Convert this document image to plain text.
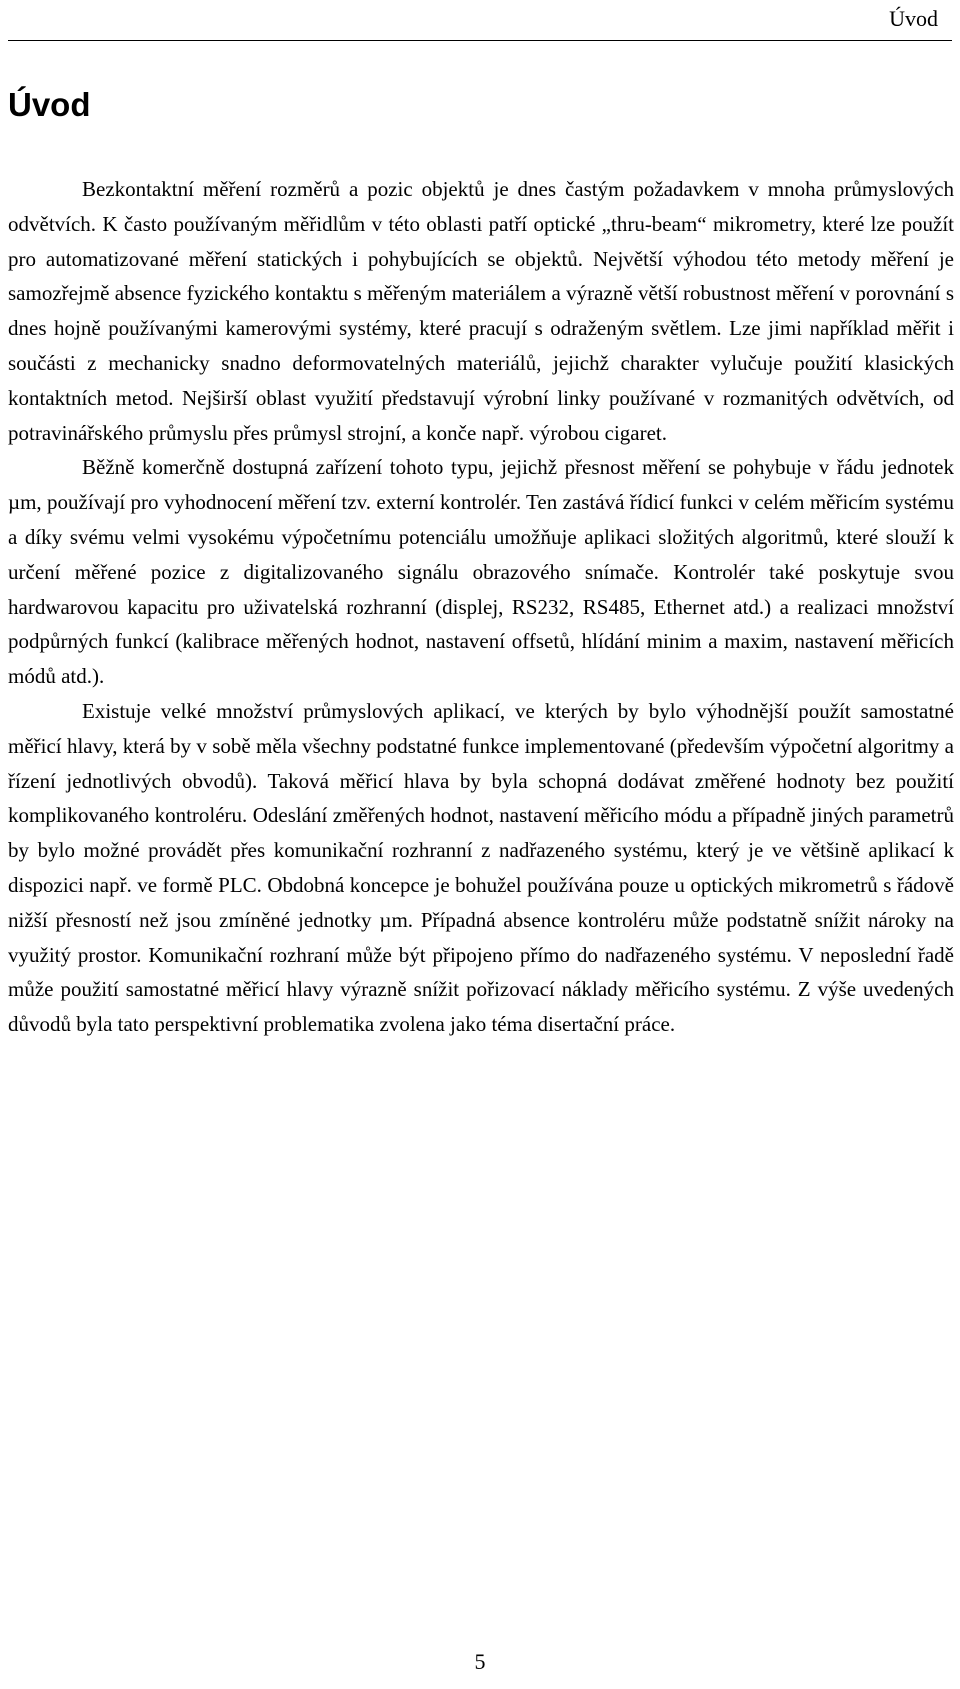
Úvod
Úvod

Bezkontaktní měření rozměrů a pozic objektů je dnes častým požadavkem v mnoha průmyslových odvětvích. K často používaným měřidlům v této oblasti patří optické „thru-beam“ mikrometry, které lze použít pro automatizované měření statických i pohybujících se objektů. Největší výhodou této metody měření je samozřejmě absence fyzického kontaktu s měřeným materiálem a výrazně větší robustnost měření v porovnání s dnes hojně používanými kamerovými systémy, které pracují s odraženým světlem. Lze jimi například měřit i součásti z mechanicky snadno deformovatelných materiálů, jejichž charakter vylučuje použití klasických kontaktních metod. Nejširší oblast využití představují výrobní linky používané v rozmanitých odvětvích, od potravinářského průmyslu přes průmysl strojní, a konče např. výrobou cigaret.

Běžně komerčně dostupná zařízení tohoto typu, jejichž přesnost měření se pohybuje v řádu jednotek µm, používají pro vyhodnocení měření tzv. externí kontrolér. Ten zastává řídicí funkci v celém měřicím systému a díky svému velmi vysokému výpočetnímu potenciálu umožňuje aplikaci složitých algoritmů, které slouží k určení měřené pozice z digitalizovaného signálu obrazového snímače. Kontrolér také poskytuje svou hardwarovou kapacitu pro uživatelská rozhranní (displej, RS232, RS485, Ethernet atd.) a realizaci množství podpůrných funkcí (kalibrace měřených hodnot, nastavení offsetů, hlídání minim a maxim, nastavení měřicích módů atd.).

Existuje velké množství průmyslových aplikací, ve kterých by bylo výhodnější použít samostatné měřicí hlavy, která by v sobě měla všechny podstatné funkce implementované (především výpočetní algoritmy a řízení jednotlivých obvodů). Taková měřicí hlava by byla schopná dodávat změřené hodnoty bez použití komplikovaného kontroléru. Odeslání změřených hodnot, nastavení měřicího módu a případně jiných parametrů by bylo možné provádět přes komunikační rozhranní z nadřazeného systému, který je ve většině aplikací k dispozici např. ve formě PLC. Obdobná koncepce je bohužel používána pouze u optických mikrometrů s řádově nižší přesností než jsou zmíněné jednotky µm. Případná absence kontroléru může podstatně snížit nároky na využitý prostor. Komunikační rozhraní může být připojeno přímo do nadřazeného systému. V neposlední řadě může použití samostatné měřicí hlavy výrazně snížit pořizovací náklady měřicího systému. Z výše uvedených důvodů byla tato perspektivní problematika zvolena jako téma disertační práce.

5
